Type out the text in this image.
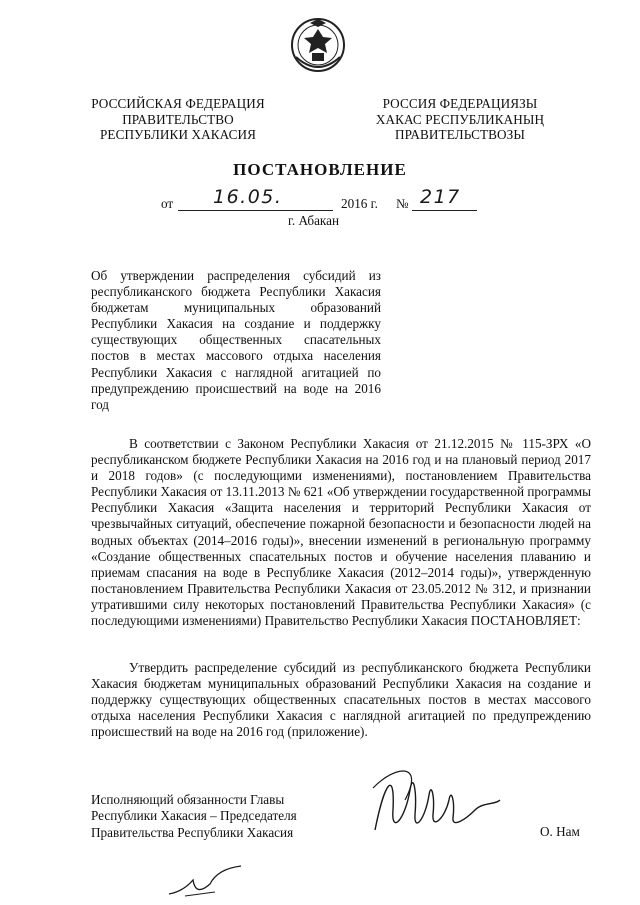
РОССИЙСКАЯ ФЕДЕРАЦИЯ
ПРАВИТЕЛЬСТВО
РЕСПУБЛИКИ ХАКАСИЯ
РОССИЯ ФЕДЕРАЦИЯЗЫ
ХАКАС РЕСПУБЛИКАНЫҢ
ПРАВИТЕЛЬСТВОЗЫ
ПОСТАНОВЛЕНИЕ
от 16.05.	2016 г. № 217
г. Абакан
Об утверждении распределения субсидий из республиканского бюджета Республики Хакасия бюджетам муниципальных образований Республики Хакасия на создание и поддержку существующих общественных спасательных постов в местах массового отдыха населения Республики Хакасия с наглядной агитацией по предупреждению происшествий на воде на 2016 год
В соответствии с Законом Республики Хакасия от 21.12.2015 № 115-ЗРХ «О республиканском бюджете Республики Хакасия на 2016 год и на плановый период 2017 и 2018 годов» (с последующими изменениями), постановлением Правительства Республики Хакасия от 13.11.2013 № 621 «Об утверждении государственной программы Республики Хакасия «Защита населения и территорий Республики Хакасия от чрезвычайных ситуаций, обеспечение пожарной безопасности и безопасности людей на водных объектах (2014–2016 годы)», внесении изменений в региональную программу «Создание общественных спасательных постов и обучение населения плаванию и приемам спасания на воде в Республике Хакасия (2012–2014 годы)», утвержденную постановлением Правительства Республики Хакасия от 23.05.2012 № 312, и признании утратившими силу некоторых постановлений Правительства Республики Хакасия» (с последующими изменениями) Правительство Республики Хакасия ПОСТАНОВЛЯЕТ:
Утвердить распределение субсидий из республиканского бюджета Республики Хакасия бюджетам муниципальных образований Республики Хакасия на создание и поддержку существующих общественных спасательных постов в местах массового отдыха населения Республики Хакасия с наглядной агитацией по предупреждению происшествий на воде на 2016 год (приложение).
Исполняющий обязанности Главы
Республики Хакасия – Председателя
Правительства Республики Хакасия	О. Нам
